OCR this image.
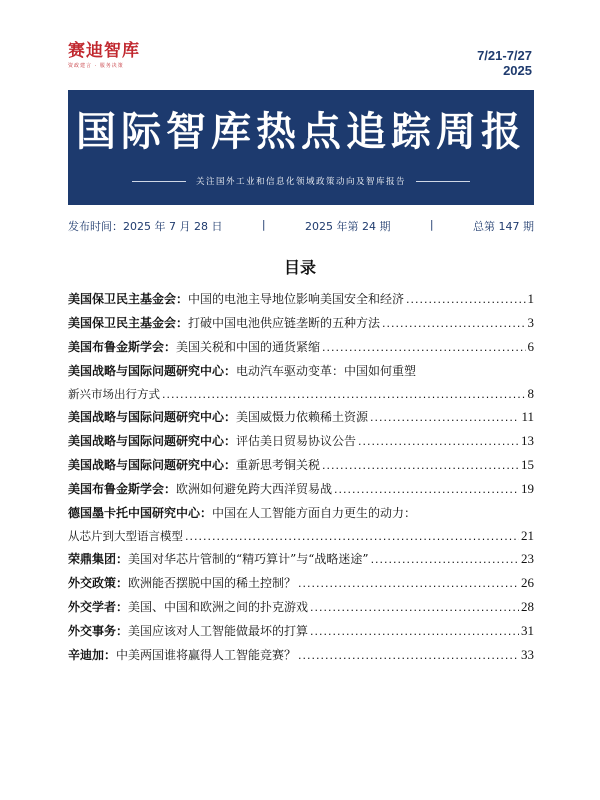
赛迪智库
资政建言 · 服务决策
7/21-7/27
2025
国际智库热点追踪周报
关注国外工业和信息化领域政策动向及智库报告
发布时间：2025 年 7 月 28 日	|	2025 年第 24 期	|	总第 147 期
目录
美国保卫民主基金会： 中国的电池主导地位影响美国安全和经济 .....	1
美国保卫民主基金会： 打破中国电池供应链垄断的五种方法 .....	3
美国布鲁金斯学会： 美国关税和中国的通货紧缩 .....	6
美国战略与国际问题研究中心： 电动汽车驱动变革：中国如何重塑
新兴市场出行方式 .....	8
美国战略与国际问题研究中心： 美国威慑力依赖稀土资源 .....	11
美国战略与国际问题研究中心： 评估美日贸易协议公告 .....	13
美国战略与国际问题研究中心： 重新思考铜关税 .....	15
美国布鲁金斯学会： 欧洲如何避免跨大西洋贸易战 .....	19
德国墨卡托中国研究中心： 中国在人工智能方面自力更生的动力：
从芯片到大型语言模型 .....	21
荣鼎集团： 美国对华芯片管制的“精巧算计”与“战略迷途” .....	23
外交政策： 欧洲能否摆脱中国的稀土控制？ .....	26
外交学者： 美国、中国和欧洲之间的扑克游戏 .....	28
外交事务： 美国应该对人工智能做最坏的打算 .....	31
辛迪加： 中美两国谁将赢得人工智能竞赛？ .....	33
